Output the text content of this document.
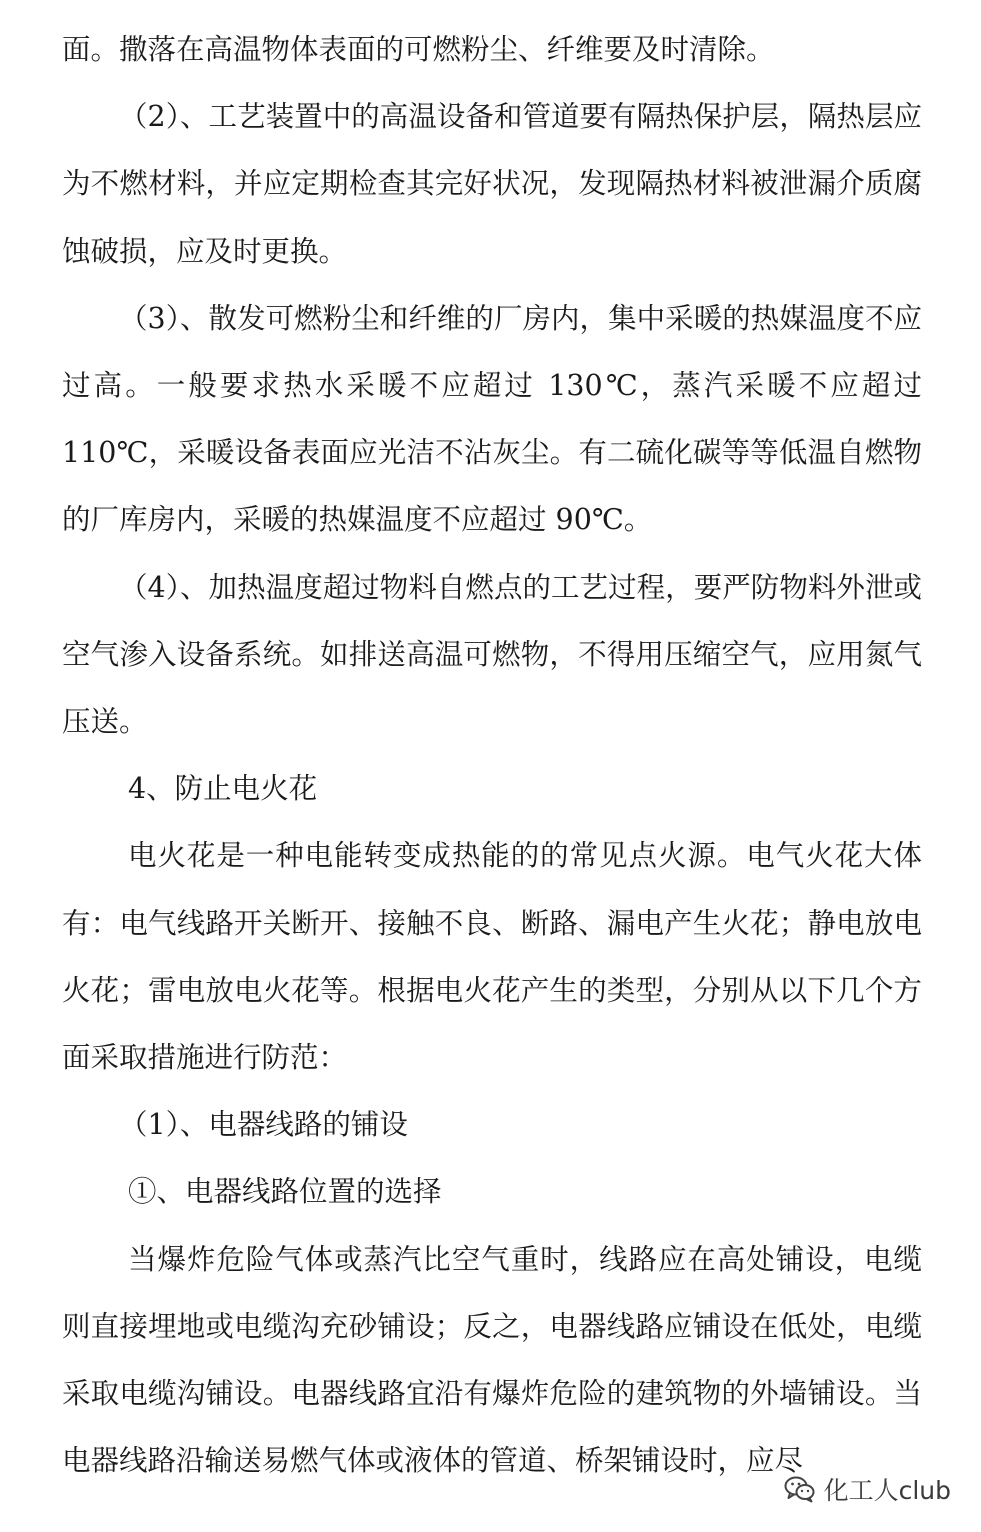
面。撒落在高温物体表面的可燃粉尘、纤维要及时清除。

（2）、工艺装置中的高温设备和管道要有隔热保护层，隔热层应为不燃材料，并应定期检查其完好状况，发现隔热材料被泄漏介质腐蚀破损，应及时更换。

（3）、散发可燃粉尘和纤维的厂房内，集中采暖的热媒温度不应过高。一般要求热水采暖不应超过 130℃，蒸汽采暖不应超过 110℃，采暖设备表面应光洁不沾灰尘。有二硫化碳等等低温自燃物的厂库房内，采暖的热媒温度不应超过 90℃。

（4）、加热温度超过物料自燃点的工艺过程，要严防物料外泄或空气渗入设备系统。如排送高温可燃物，不得用压缩空气，应用氮气压送。

4、防止电火花

电火花是一种电能转变成热能的的常见点火源。电气火花大体有：电气线路开关断开、接触不良、断路、漏电产生火花；静电放电火花；雷电放电火花等。根据电火花产生的类型，分别从以下几个方面采取措施进行防范：

（1）、电器线路的铺设

①、电器线路位置的选择

当爆炸危险气体或蒸汽比空气重时，线路应在高处铺设，电缆则直接埋地或电缆沟充砂铺设；反之，电器线路应铺设在低处，电缆采取电缆沟铺设。电器线路宜沿有爆炸危险的建筑物的外墙铺设。当电器线路沿输送易燃气体或液体的管道、桥架铺设时，应尽

化工人club
